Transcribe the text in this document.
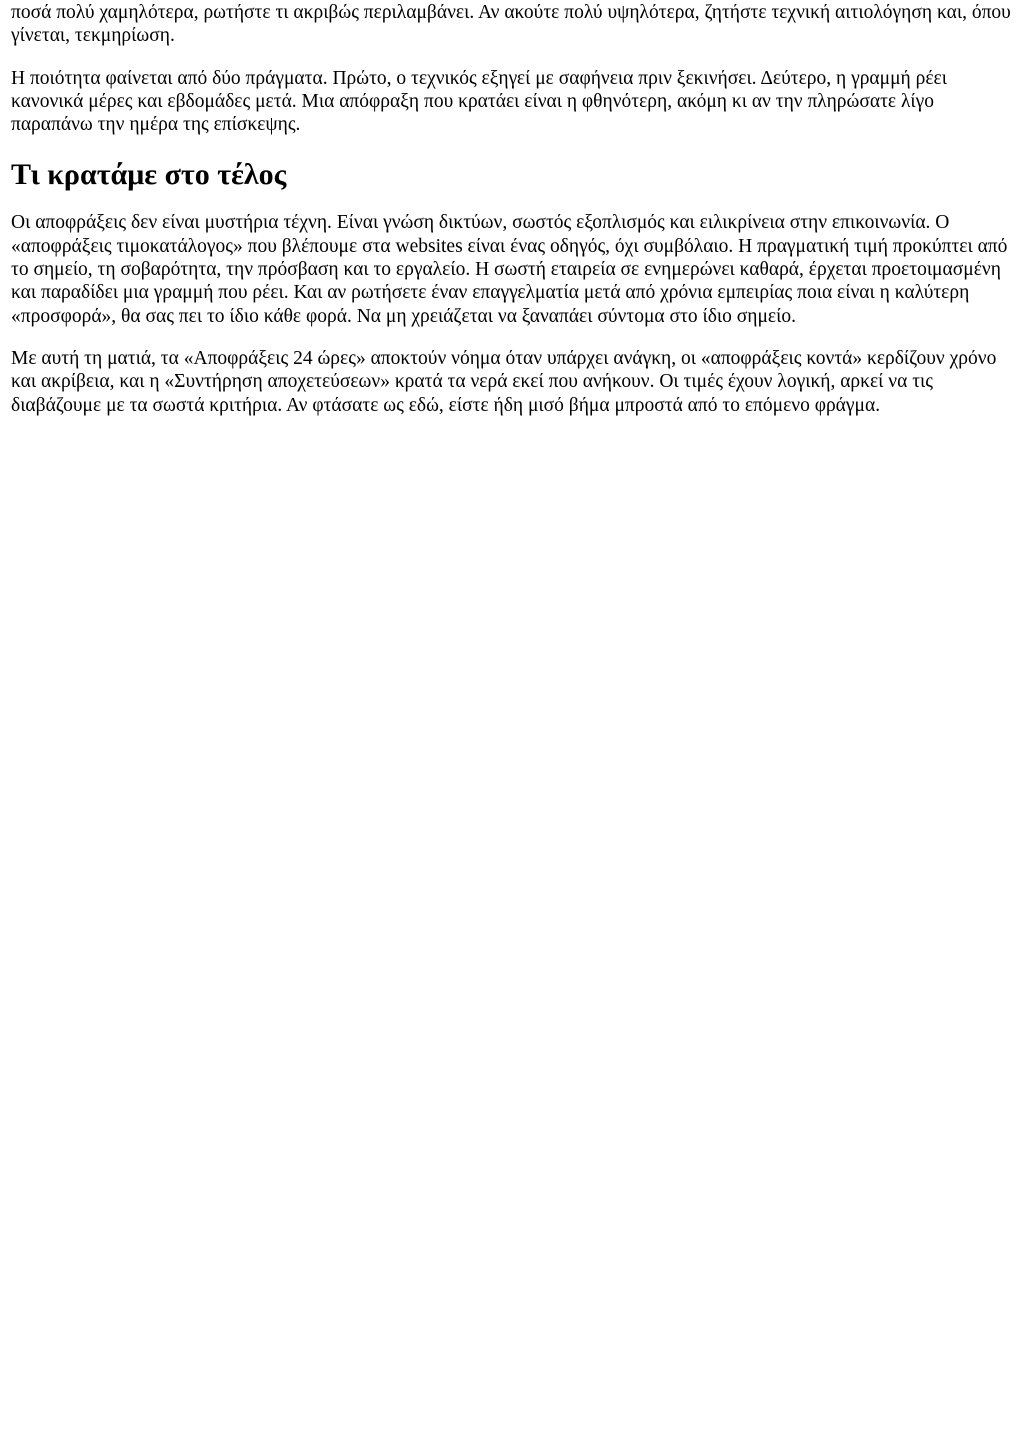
ποσά πολύ χαμηλότερα, ρωτήστε τι ακριβώς περιλαμβάνει. Αν ακούτε πολύ υψηλότερα, ζητήστε τεχνική αιτιολόγηση και, όπου γίνεται, τεκμηρίωση.

Η ποιότητα φαίνεται από δύο πράγματα. Πρώτο, ο τεχνικός εξηγεί με σαφήνεια πριν ξεκινήσει. Δεύτερο, η γραμμή ρέει κανονικά μέρες και εβδομάδες μετά. Μια απόφραξη που κρατάει είναι η φθηνότερη, ακόμη κι αν την πληρώσατε λίγο παραπάνω την ημέρα της επίσκεψης.

Τι κρατάμε στο τέλος

Οι αποφράξεις δεν είναι μυστήρια τέχνη. Είναι γνώση δικτύων, σωστός εξοπλισμός και ειλικρίνεια στην επικοινωνία. Ο «αποφράξεις τιμοκατάλογος» που βλέπουμε στα websites είναι ένας οδηγός, όχι συμβόλαιο. Η πραγματική τιμή προκύπτει από το σημείο, τη σοβαρότητα, την πρόσβαση και το εργαλείο. Η σωστή εταιρεία σε ενημερώνει καθαρά, έρχεται προετοιμασμένη και παραδίδει μια γραμμή που ρέει. Και αν ρωτήσετε έναν επαγγελματία μετά από χρόνια εμπειρίας ποια είναι η καλύτερη «προσφορά», θα σας πει το ίδιο κάθε φορά. Να μη χρειάζεται να ξαναπάει σύντομα στο ίδιο σημείο.

Με αυτή τη ματιά, τα «Αποφράξεις 24 ώρες» αποκτούν νόημα όταν υπάρχει ανάγκη, οι «αποφράξεις κοντά» κερδίζουν χρόνο και ακρίβεια, και η «Συντήρηση αποχετεύσεων» κρατά τα νερά εκεί που ανήκουν. Οι τιμές έχουν λογική, αρκεί να τις διαβάζουμε με τα σωστά κριτήρια. Αν φτάσατε ως εδώ, είστε ήδη μισό βήμα μπροστά από το επόμενο φράγμα.
